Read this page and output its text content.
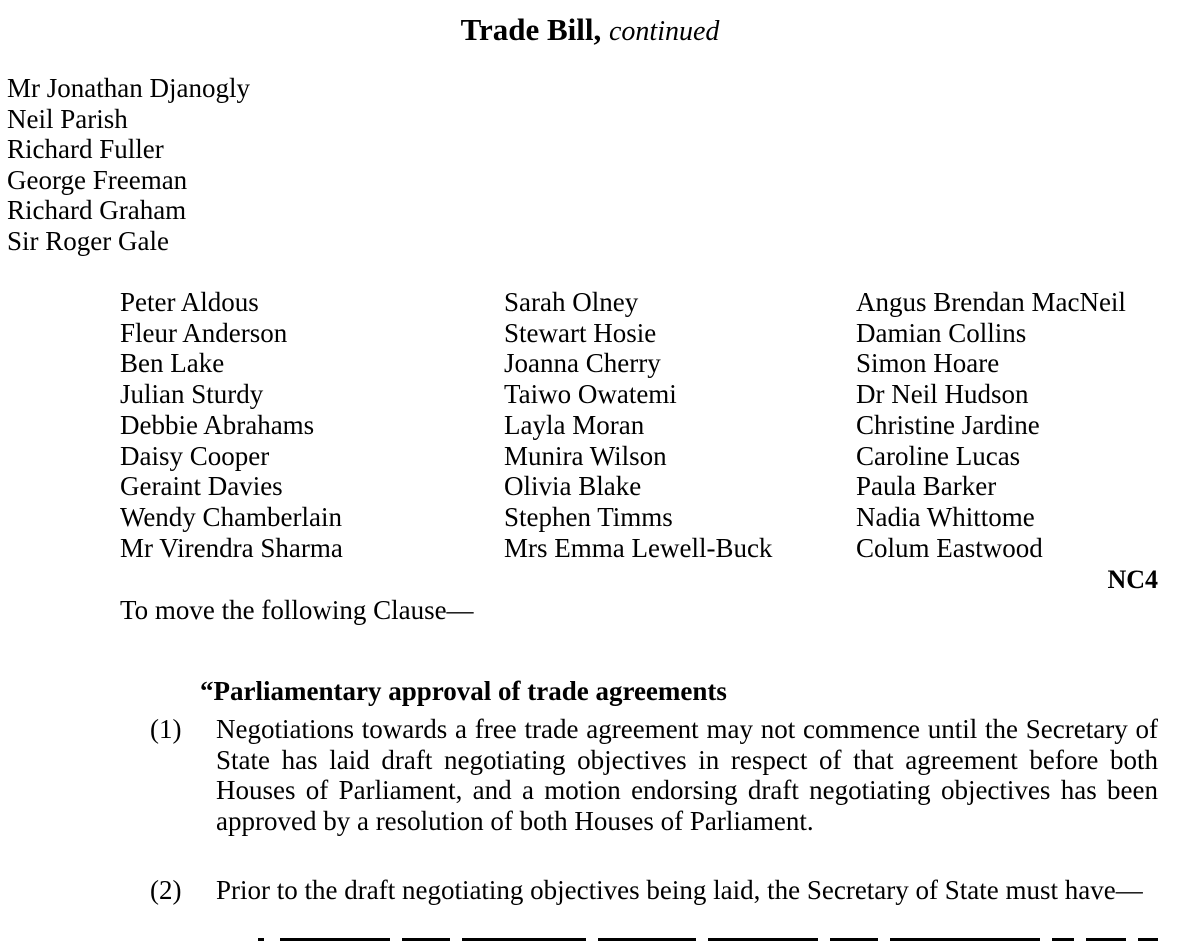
Trade Bill, continued
Mr Jonathan Djanogly
Neil Parish
Richard Fuller
George Freeman
Richard Graham
Sir Roger Gale
Peter Aldous
Fleur Anderson
Ben Lake
Julian Sturdy
Debbie Abrahams
Daisy Cooper
Geraint Davies
Wendy Chamberlain
Mr Virendra Sharma
Sarah Olney
Stewart Hosie
Joanna Cherry
Taiwo Owatemi
Layla Moran
Munira Wilson
Olivia Blake
Stephen Timms
Mrs Emma Lewell-Buck
Angus Brendan MacNeil
Damian Collins
Simon Hoare
Dr Neil Hudson
Christine Jardine
Caroline Lucas
Paula Barker
Nadia Whittome
Colum Eastwood
NC4
To move the following Clause—
“Parliamentary approval of trade agreements
(1) Negotiations towards a free trade agreement may not commence until the Secretary of State has laid draft negotiating objectives in respect of that agreement before both Houses of Parliament, and a motion endorsing draft negotiating objectives has been approved by a resolution of both Houses of Parliament.
(2) Prior to the draft negotiating objectives being laid, the Secretary of State must have—
